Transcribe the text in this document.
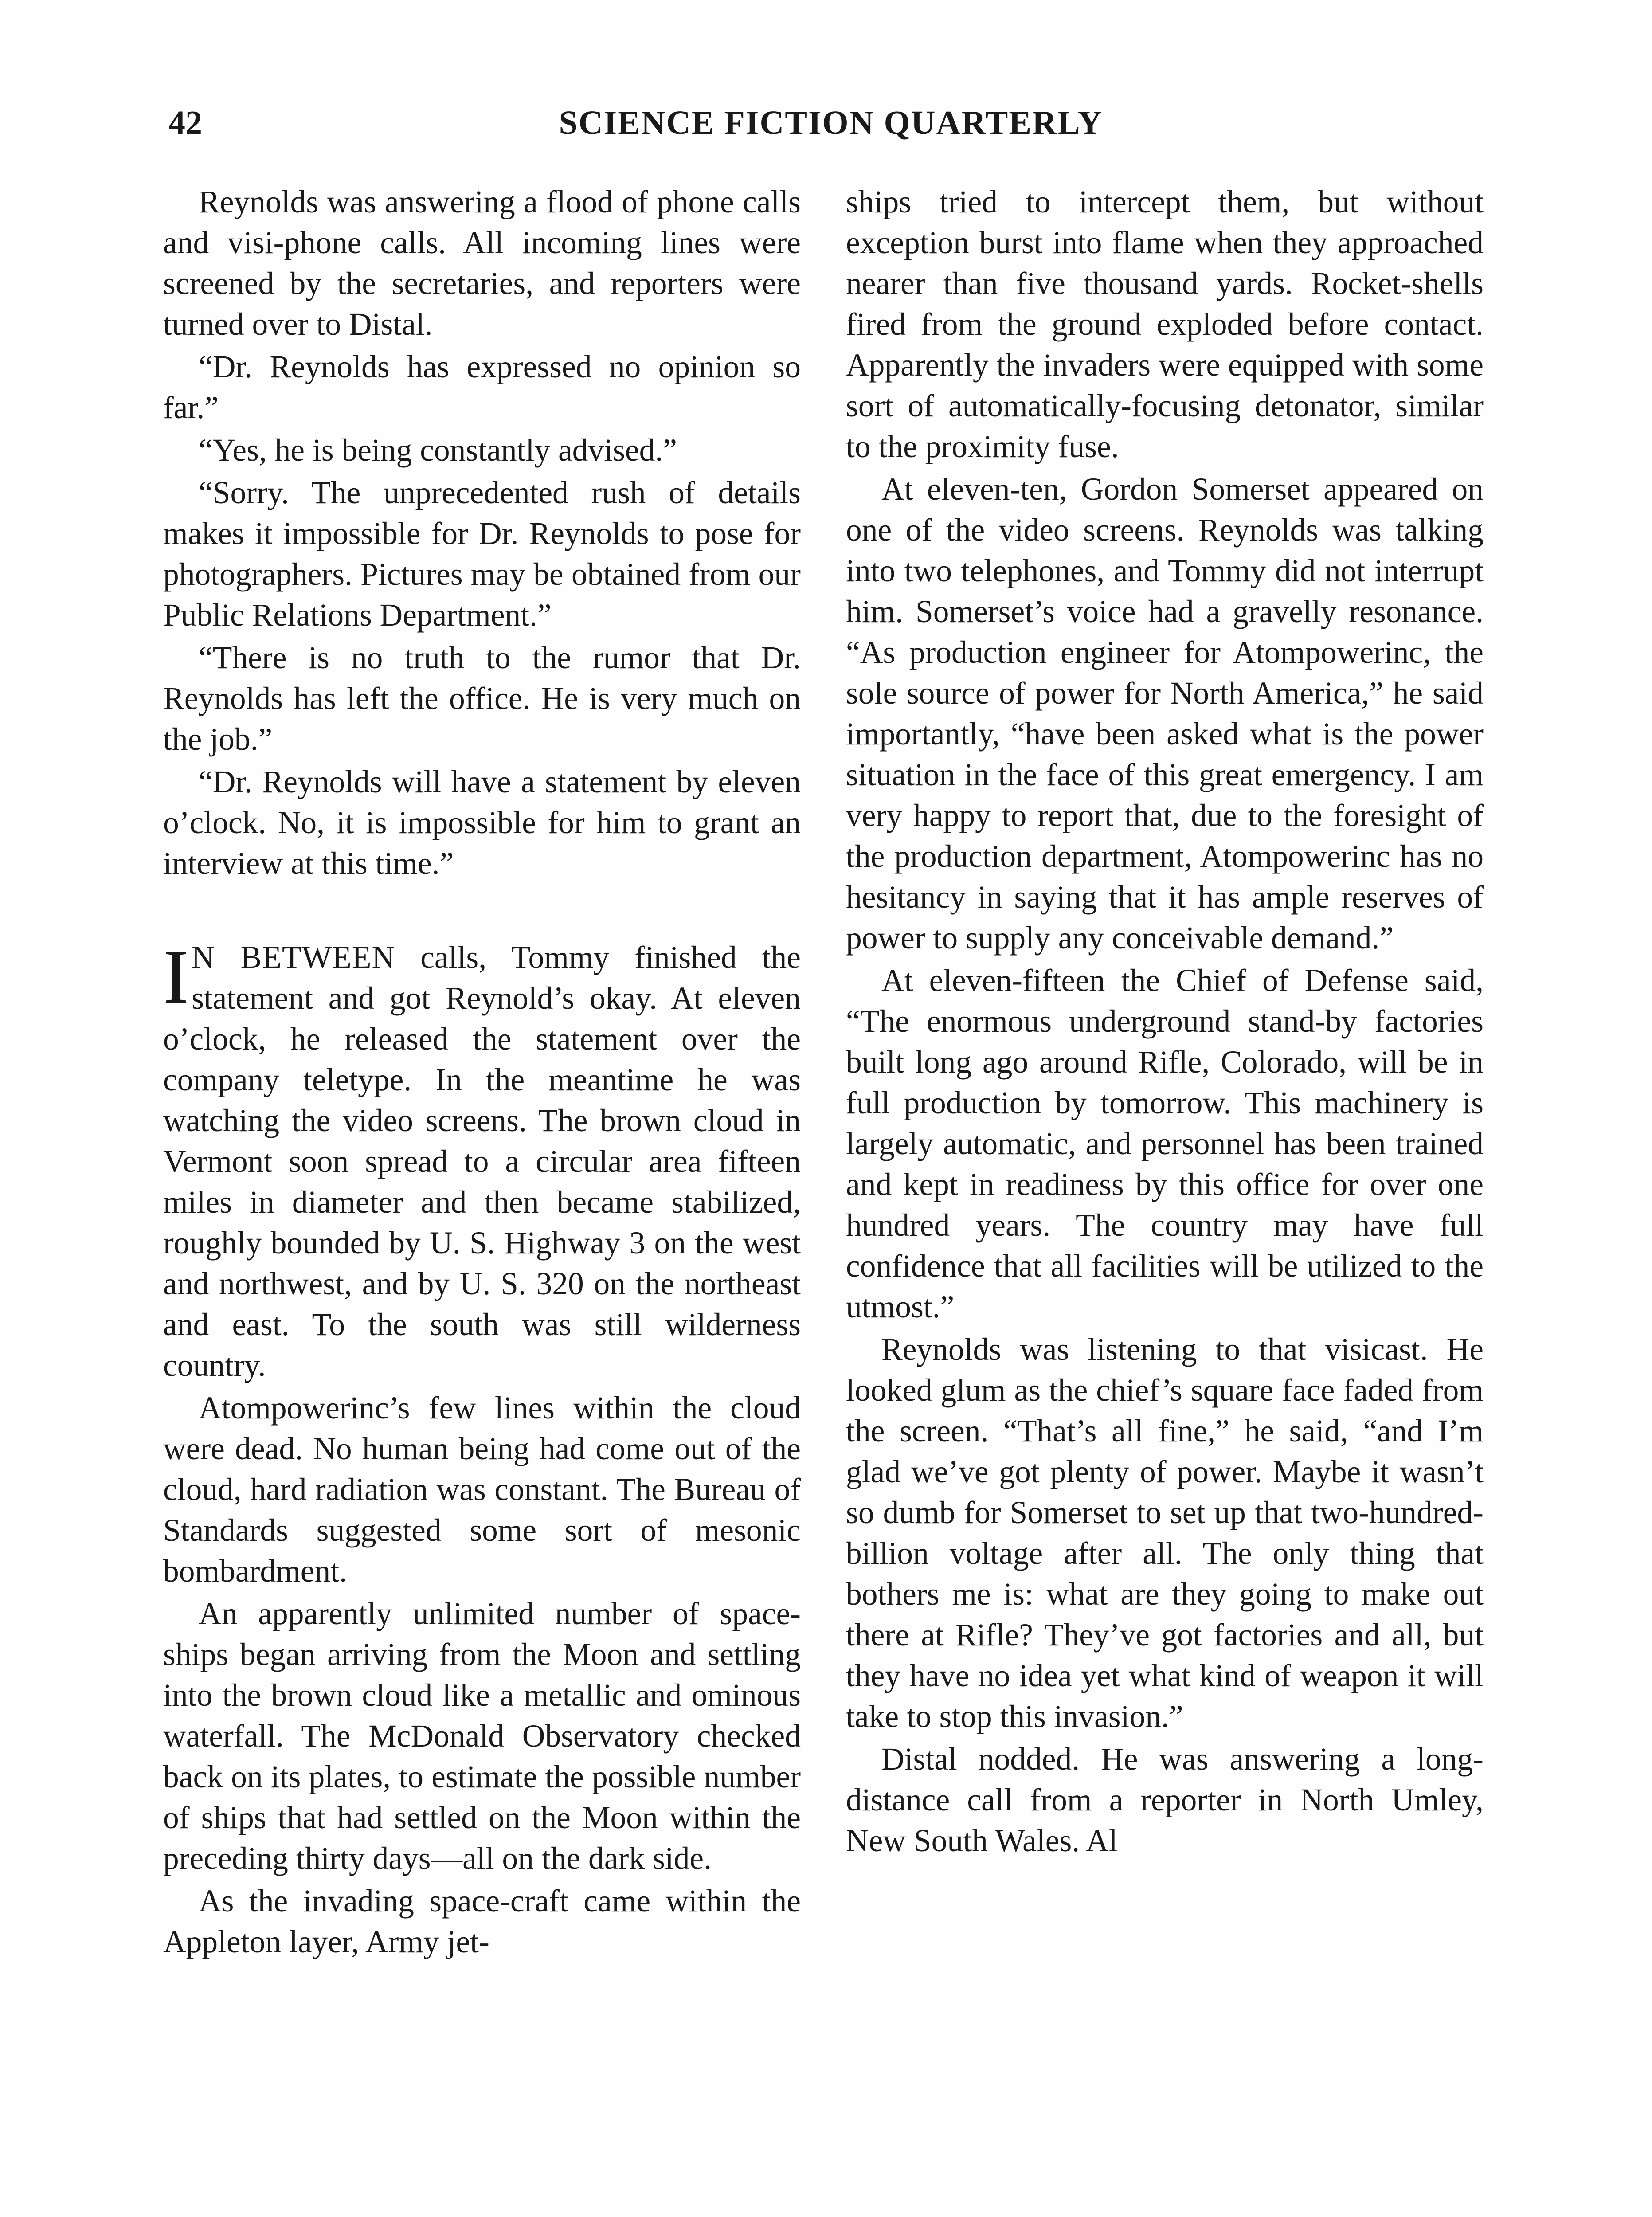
42	SCIENCE FICTION QUARTERLY

Reynolds was answering a flood of phone calls and visi-phone calls. All incoming lines were screened by the secretaries, and reporters were turned over to Distal.

“Dr. Reynolds has expressed no opinion so far.”

“Yes, he is being constantly advised.”

“Sorry. The unprecedented rush of details makes it impossible for Dr. Reynolds to pose for photographers. Pictures may be obtained from our Public Relations Department.”

“There is no truth to the rumor that Dr. Reynolds has left the office. He is very much on the job.”

“Dr. Reynolds will have a statement by eleven o’clock. No, it is impossible for him to grant an interview at this time.”

I N BETWEEN calls, Tommy finished the statement and got Reynold’s okay. At eleven o’clock, he released the statement over the company teletype. In the meantime he was watching the video screens. The brown cloud in Vermont soon spread to a circular area fifteen miles in diameter and then became stabilized, roughly bounded by U. S. Highway 3 on the west and northwest, and by U. S. 320 on the northeast and east. To the south was still wilderness country.

Atompowerinc’s few lines within the cloud were dead. No human being had come out of the cloud, hard radiation was constant. The Bureau of Standards suggested some sort of mesonic bombardment.

An apparently unlimited number of space-ships began arriving from the Moon and settling into the brown cloud like a metallic and ominous waterfall. The McDonald Observatory checked back on its plates, to estimate the possible number of ships that had settled on the Moon within the preceding thirty days—all on the dark side.

As the invading space-craft came within the Appleton layer, Army jet-

ships tried to intercept them, but without exception burst into flame when they approached nearer than five thousand yards. Rocket-shells fired from the ground exploded before contact. Apparently the invaders were equipped with some sort of automatically-focusing detonator, similar to the proximity fuse.

At eleven-ten, Gordon Somerset appeared on one of the video screens. Reynolds was talking into two telephones, and Tommy did not interrupt him. Somerset’s voice had a gravelly resonance. “As production engineer for Atompowerinc, the sole source of power for North America,” he said importantly, “have been asked what is the power situation in the face of this great emergency. I am very happy to report that, due to the foresight of the production department, Atompowerinc has no hesitancy in saying that it has ample reserves of power to supply any conceivable demand.”

At eleven-fifteen the Chief of Defense said, “The enormous underground stand-by factories built long ago around Rifle, Colorado, will be in full production by tomorrow. This machinery is largely automatic, and personnel has been trained and kept in readiness by this office for over one hundred years. The country may have full confidence that all facilities will be utilized to the utmost.”

Reynolds was listening to that visicast. He looked glum as the chief’s square face faded from the screen. “That’s all fine,” he said, “and I’m glad we’ve got plenty of power. Maybe it wasn’t so dumb for Somerset to set up that two-hundred-billion voltage after all. The only thing that bothers me is: what are they going to make out there at Rifle? They’ve got factories and all, but they have no idea yet what kind of weapon it will take to stop this invasion.”

Distal nodded. He was answering a long-distance call from a reporter in North Umley, New South Wales. Al
